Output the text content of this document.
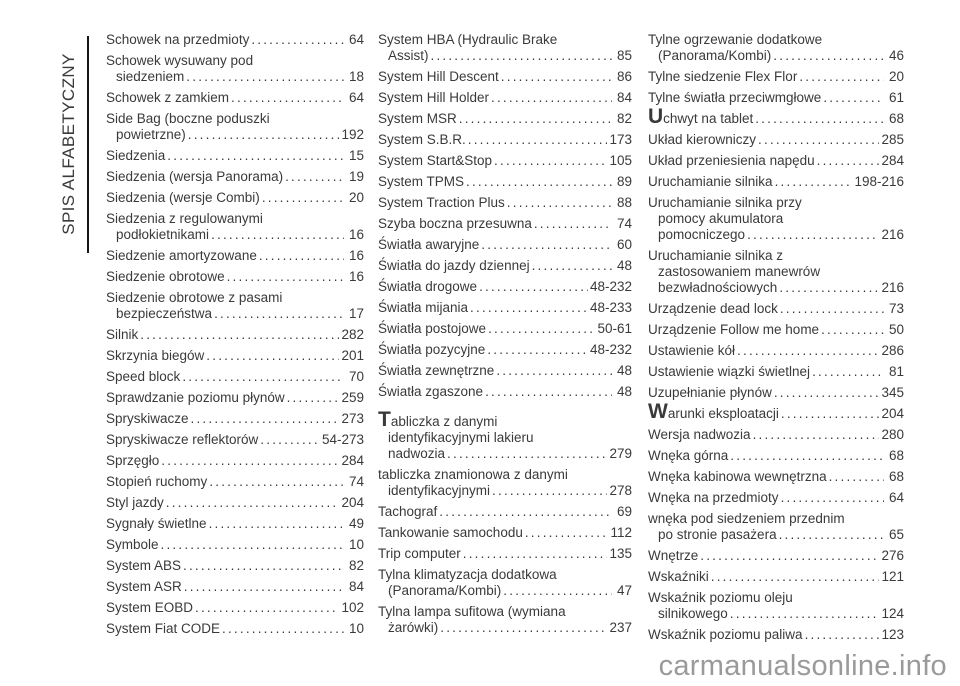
SPIS ALFABETYCZNY
Schowek na przedmioty .....	64
Schowek wysuwany pod
siedzeniem .....	18
Schowek z zamkiem .....	64
Side Bag (boczne poduszki
powietrzne) .....	192
Siedzenia .....	15
Siedzenia (wersja Panorama) .....	19
Siedzenia (wersje Combi) .....	20
Siedzenia z regulowanymi
podłokietnikami .....	16
Siedzenie amortyzowane .....	16
Siedzenie obrotowe .....	16
Siedzenie obrotowe z pasami
bezpieczeństwa .....	17
Silnik .....	282
Skrzynia biegów .....	201
Speed block .....	70
Sprawdzanie poziomu płynów .....	259
Spryskiwacze .....	273
Spryskiwacze reflektorów .....	54-273
Sprzęgło .....	284
Stopień ruchomy .....	74
Styl jazdy .....	204
Sygnały świetlne .....	49
Symbole .....	10
System ABS .....	82
System ASR .....	84
System EOBD .....	102
System Fiat CODE .....	10
System HBA (Hydraulic Brake
Assist) .....	85
System Hill Descent .....	86
System Hill Holder .....	84
System MSR .....	82
System S.B.R. .....	173
System Start&Stop .....	105
System TPMS .....	89
System Traction Plus .....	88
Szyba boczna przesuwna .....	74
Światła awaryjne .....	60
Światła do jazdy dziennej .....	48
Światła drogowe .....	48-232
Światła mijania .....	48-233
Światła postojowe .....	50-61
Światła pozycyjne .....	48-232
Światła zewnętrzne .....	48
Światła zgaszone .....	48
Tabliczka z danymi
identyfikacyjnymi lakieru
nadwozia .....	279
tabliczka znamionowa z danymi
identyfikacyjnymi .....	278
Tachograf .....	69
Tankowanie samochodu .....	112
Trip computer .....	135
Tylna klimatyzacja dodatkowa
(Panorama/Kombi) .....	47
Tylna lampa sufitowa (wymiana
żarówki) .....	237
Tylne ogrzewanie dodatkowe
(Panorama/Kombi) .....	46
Tylne siedzenie Flex Flor .....	20
Tylne światła przeciwmgłowe .....	61
Uchwyt na tablet .....	68
Układ kierowniczy .....	285
Układ przeniesienia napędu .....	284
Uruchamianie silnika .....	198-216
Uruchamianie silnika przy
pomocy akumulatora
pomocniczego .....	216
Uruchamianie silnika z
zastosowaniem manewrów
bezwładnościowych .....	216
Urządzenie dead lock .....	73
Urządzenie Follow me home .....	50
Ustawienie kół .....	286
Ustawienie wiązki świetlnej .....	81
Uzupełnianie płynów .....	345
Warunki eksploatacji .....	204
Wersja nadwozia .....	280
Wnęka górna .....	68
Wnęka kabinowa wewnętrzna .....	68
Wnęka na przedmioty .....	64
wnęka pod siedzeniem przednim
po stronie pasażera .....	65
Wnętrze .....	276
Wskaźniki .....	121
Wskaźnik poziomu oleju
silnikowego .....	124
Wskaźnik poziomu paliwa .....	123
carmanualsonline.info
